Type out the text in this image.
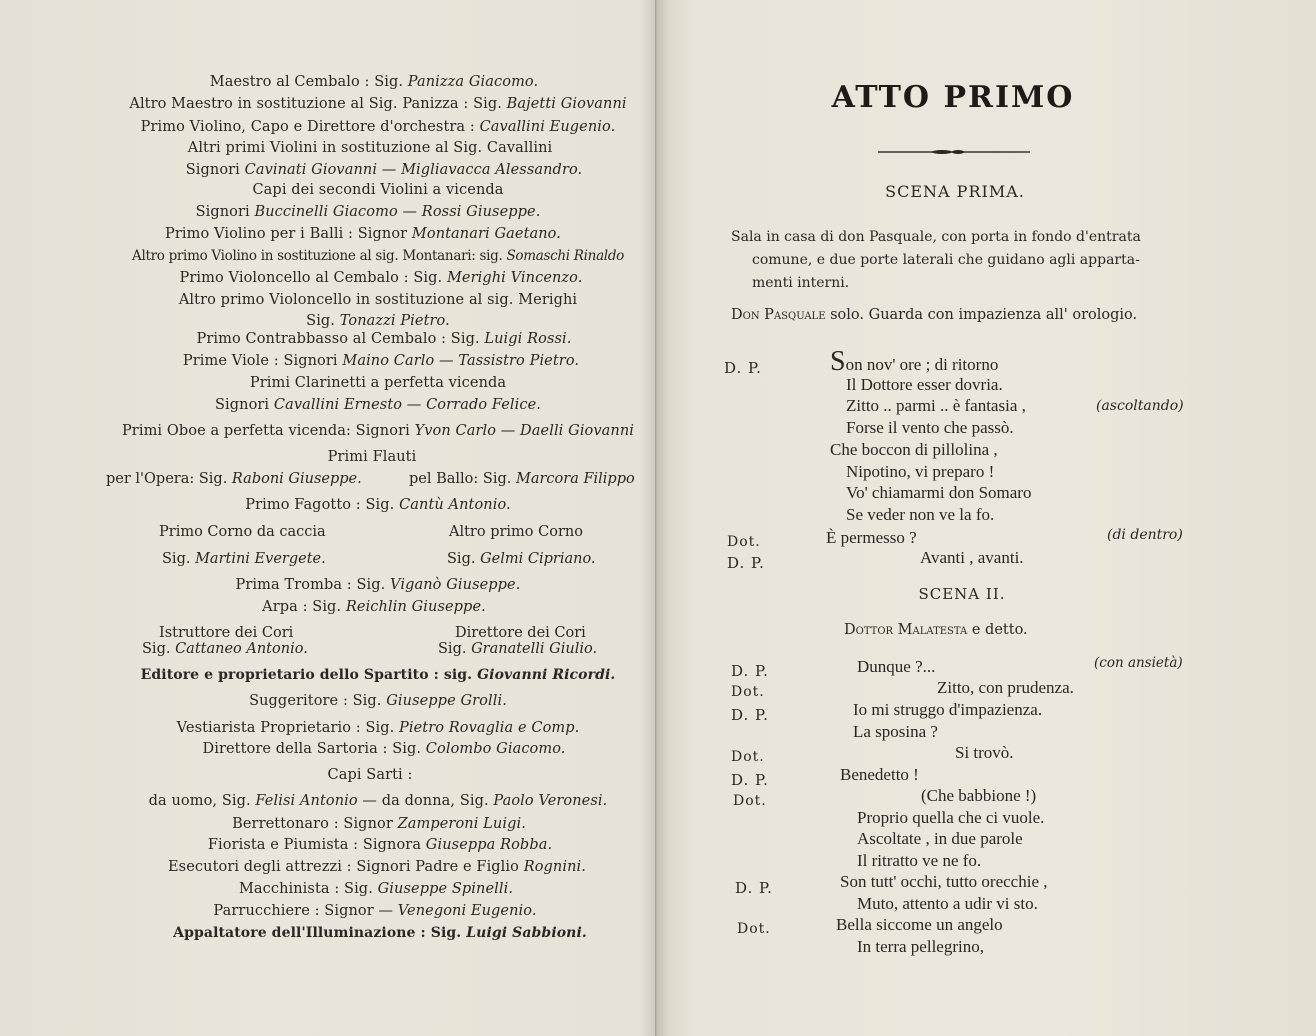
Maestro al Cembalo : Sig. Panizza Giacomo.
Altro Maestro in sostituzione al Sig. Panizza : Sig. Bajetti Giovanni
Primo Violino, Capo e Direttore d'orchestra : Cavallini Eugenio.
Altri primi Violini in sostituzione al Sig. Cavallini
Signori Cavinati Giovanni — Migliavacca Alessandro.
Capi dei secondi Violini a vicenda
Signori Buccinelli Giacomo — Rossi Giuseppe.
Primo Violino per i Balli : Signor Montanari Gaetano.
Altro primo Violino in sostituzione al sig. Montanari: sig. Somaschi Rinaldo
Primo Violoncello al Cembalo : Sig. Merighi Vincenzo.
Altro primo Violoncello in sostituzione al sig. Merighi
Sig. Tonazzi Pietro.
Primo Contrabbasso al Cembalo : Sig. Luigi Rossi.
Prime Viole : Signori Maino Carlo — Tassistro Pietro.
Primi Clarinetti a perfetta vicenda
Signori Cavallini Ernesto — Corrado Felice.
Primi Oboe a perfetta vicenda: Signori Yvon Carlo — Daelli Giovanni
Primi Flauti
per l'Opera: Sig. Raboni Giuseppe.	pel Ballo: Sig. Marcora Filippo
Primo Fagotto : Sig. Cantù Antonio.
Primo Corno da caccia	Altro primo Corno
Sig. Martini Evergete.	Sig. Gelmi Cipriano.
Prima Tromba : Sig. Viganò Giuseppe.
Arpa : Sig. Reichlin Giuseppe.
Istruttore dei Cori	Direttore dei Cori
Sig. Cattaneo Antonio.	Sig. Granatelli Giulio.
Editore e proprietario dello Spartito : sig. Giovanni Ricordi.
Suggeritore : Sig. Giuseppe Grolli.
Vestiarista Proprietario : Sig. Pietro Rovaglia e Comp.
Direttore della Sartoria : Sig. Colombo Giacomo.
Capi Sarti :
da uomo, Sig. Felisi Antonio — da donna, Sig. Paolo Veronesi.
Berrettonaro : Signor Zamperoni Luigi.
Fiorista e Piumista : Signora Giuseppa Robba.
Esecutori degli attrezzi : Signori Padre e Figlio Rognini.
Macchinista : Sig. Giuseppe Spinelli.
Parrucchiere : Signor — Venegoni Eugenio.
Appaltatore dell'Illuminazione : Sig. Luigi Sabbioni.
ATTO PRIMO
SCENA PRIMA.
Sala in casa di don Pasquale, con porta in fondo d'entrata
comune, e due porte laterali che guidano agli apparta-
menti interni.
Don Pasquale solo. Guarda con impazienza all' orologio.
D. P. Son nov' ore ; di ritorno
Il Dottore esser dovria.
Zitto .. parmi .. è fantasia ,	(ascoltando)
Forse il vento che passò.
Che boccon di pillolina ,
Nipotino, vi preparo !
Vo' chiamarmi don Somaro
Se veder non ve la fo.
Dot.	È permesso ?	(di dentro)
D. P.	Avanti , avanti.
SCENA II.
Dottor Malatesta e detto.
D. P.	Dunque ?...	(con ansietà)
Dot.	Zitto, con prudenza.
D. P.	Io mi struggo d'impazienza.
La sposina ?
Dot.	Si trovò.
D. P.	Benedetto !
Dot.	(Che babbione !)
Proprio quella che ci vuole.
Ascoltate , in due parole
Il ritratto ve ne fo.
D. P.	Son tutt' occhi, tutto orecchie ,
Muto, attento a udir vi sto.
Dot.	Bella siccome un angelo
In terra pellegrino,
